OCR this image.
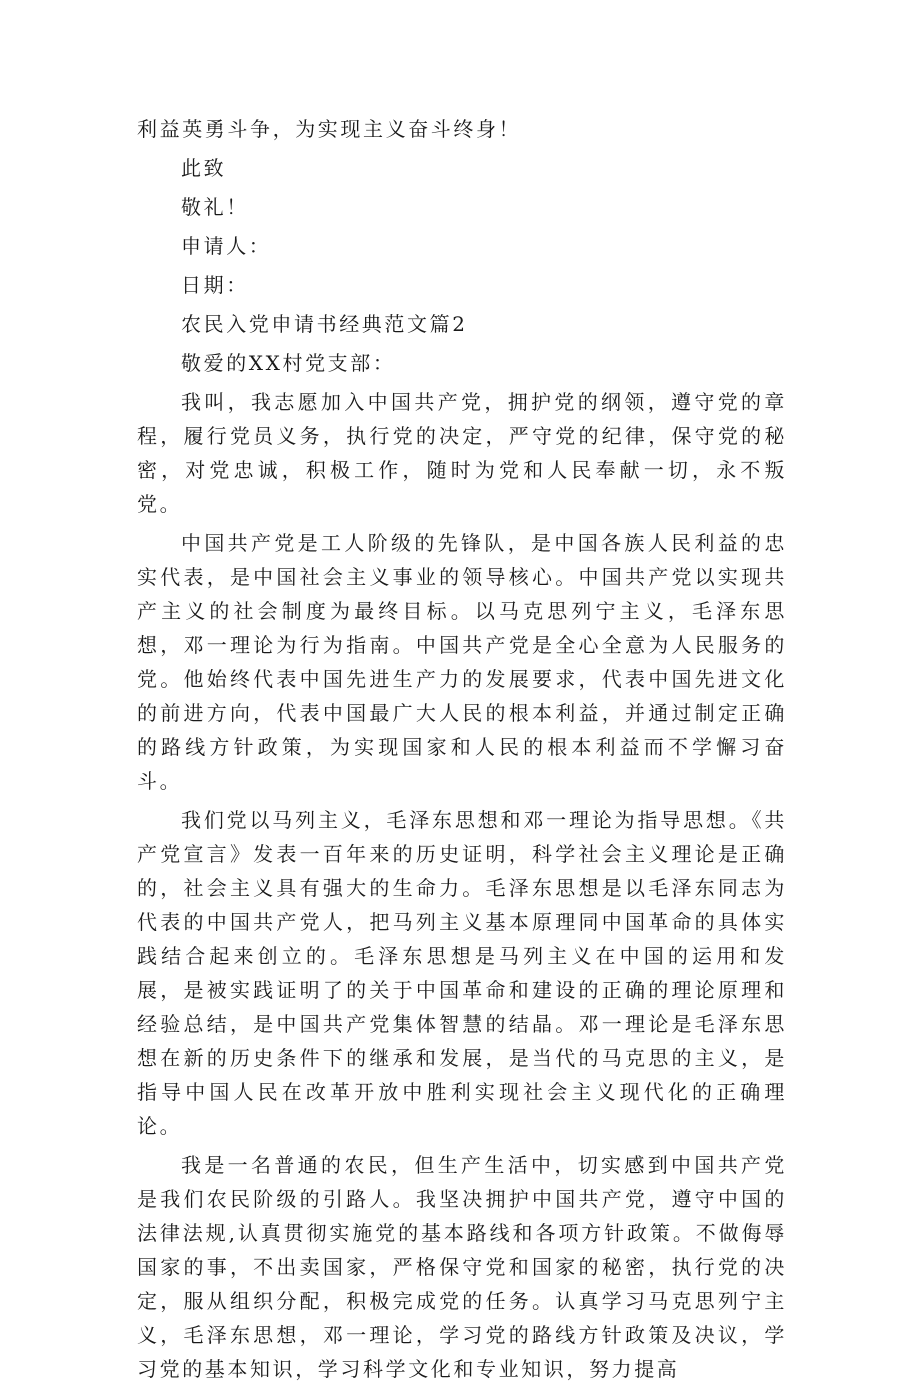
利益英勇斗争，为实现主义奋斗终身！
此致
敬礼！
申请人：
日期：
农民入党申请书经典范文篇2
敬爱的XX村党支部：

我叫，我志愿加入中国共产党，拥护党的纲领，遵守党的章程，履行党员义务，执行党的决定，严守党的纪律，保守党的秘密，对党忠诚，积极工作，随时为党和人民奉献一切，永不叛党。

中国共产党是工人阶级的先锋队，是中国各族人民利益的忠实代表，是中国社会主义事业的领导核心。中国共产党以实现共产主义的社会制度为最终目标。以马克思列宁主义，毛泽东思想，邓一理论为行为指南。中国共产党是全心全意为人民服务的党。他始终代表中国先进生产力的发展要求，代表中国先进文化的前进方向，代表中国最广大人民的根本利益，并通过制定正确的路线方针政策，为实现国家和人民的根本利益而不学懈习奋斗。

我们党以马列主义，毛泽东思想和邓一理论为指导思想。《共产党宣言》发表一百年来的历史证明，科学社会主义理论是正确的，社会主义具有强大的生命力。毛泽东思想是以毛泽东同志为代表的中国共产党人，把马列主义基本原理同中国革命的具体实践结合起来创立的。毛泽东思想是马列主义在中国的运用和发展，是被实践证明了的关于中国革命和建设的正确的理论原理和经验总结，是中国共产党集体智慧的结晶。邓一理论是毛泽东思想在新的历史条件下的继承和发展，是当代的马克思的主义，是指导中国人民在改革开放中胜利实现社会主义现代化的正确理论。

我是一名普通的农民，但生产生活中，切实感到中国共产党是我们农民阶级的引路人。我坚决拥护中国共产党，遵守中国的法律法规,认真贯彻实施党的基本路线和各项方针政策。不做侮辱国家的事，不出卖国家，严格保守党和国家的秘密，执行党的决定，服从组织分配，积极完成党的任务。认真学习马克思列宁主义，毛泽东思想，邓一理论，学习党的路线方针政策及决议，学习党的基本知识，学习科学文化和专业知识，努力提高
